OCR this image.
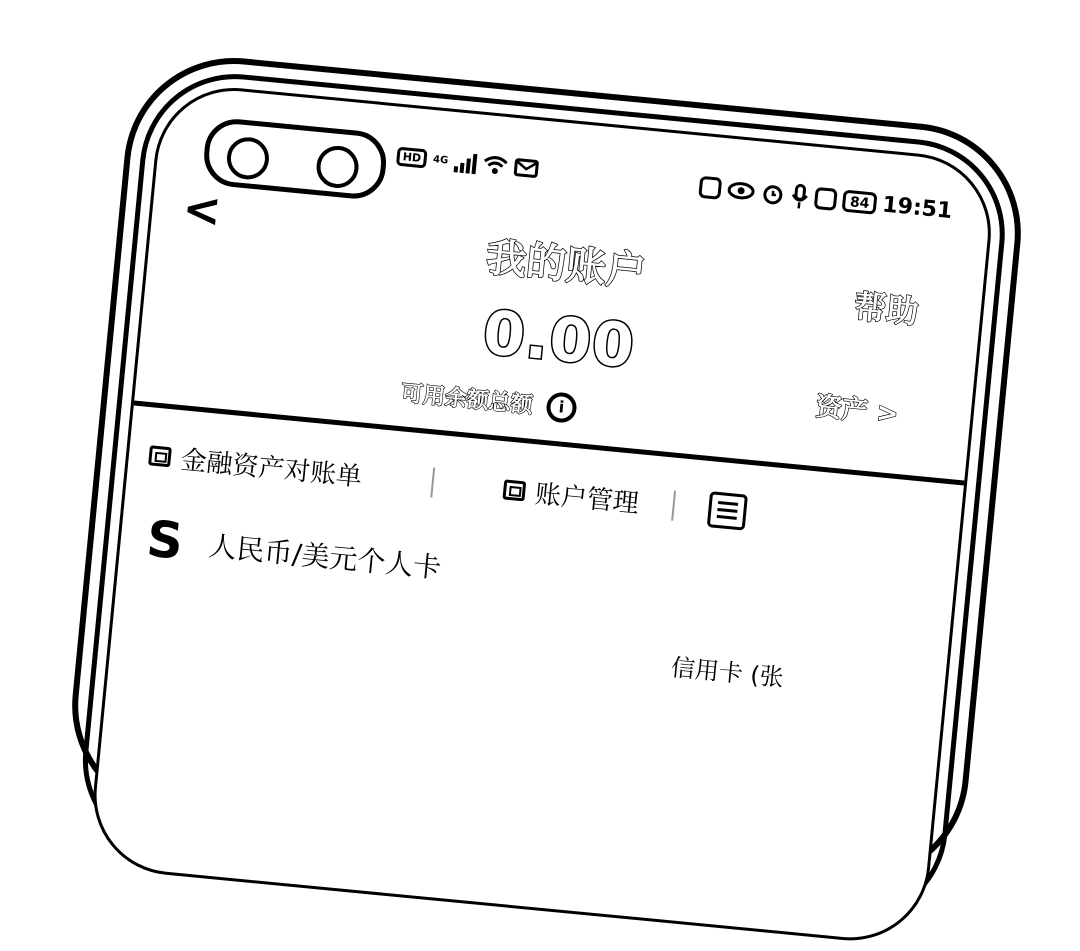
HD	4G
84 19:51
<
我的账户
帮助
0.00
可用余额总额	i	资产 >
金融资产对账单
账户管理
S 人民币/美元个人卡
信用卡 (张
